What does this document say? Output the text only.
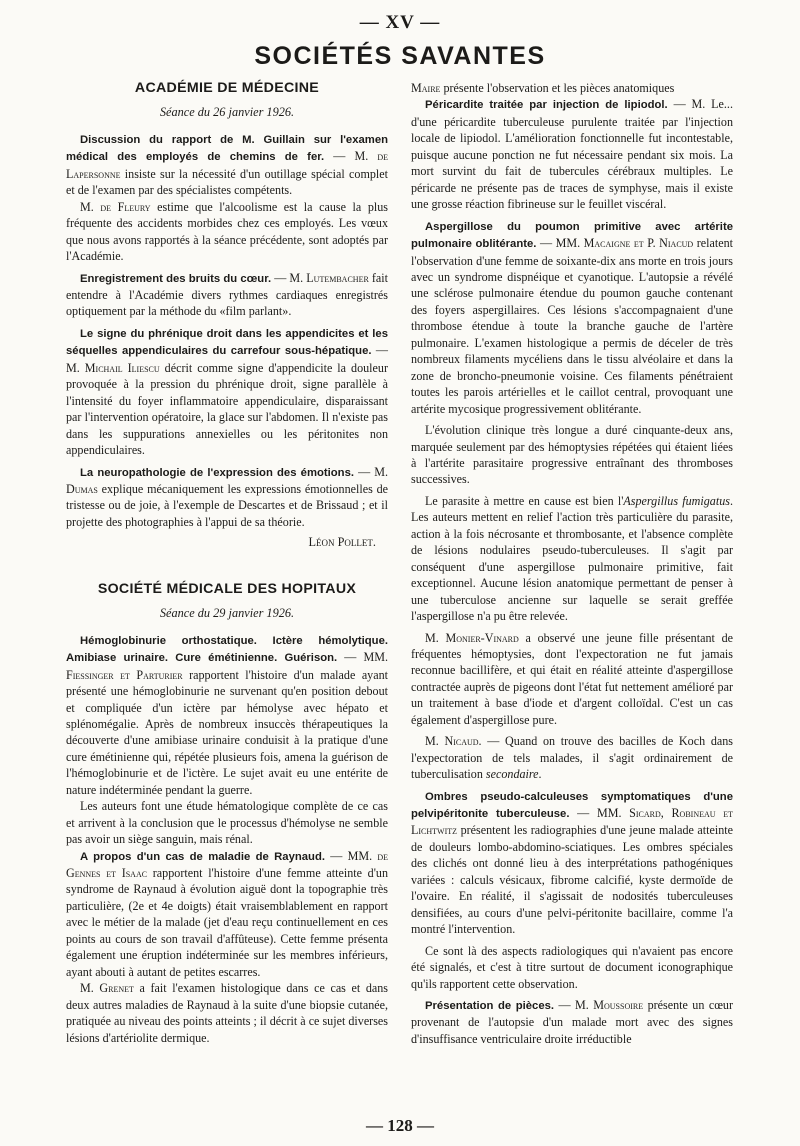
— XV —
SOCIÉTÉS SAVANTES
ACADÉMIE DE MÉDECINE
Séance du 26 janvier 1926.

Discussion du rapport de M. Guillain sur l'examen médical des employés de chemins de fer. — M. de Lapersonne insiste sur la nécessité d'un outillage spécial complet et de l'examen par des spécialistes compétents.

M. de Fleury estime que l'alcoolisme est la cause la plus fréquente des accidents morbides chez ces employés. Les vœux que nous avons rapportés à la séance précédente, sont adoptés par l'Académie.

Enregistrement des bruits du cœur. — M. Lutembacher fait entendre à l'Académie divers rythmes cardiaques enregistrés optiquement par la méthode du «film parlant».

Le signe du phrénique droit dans les appendicites et les séquelles appendiculaires du carrefour sous-hépatique. — M. Michail Iliescu décrit comme signe d'appendicite la douleur provoquée à la pression du phrénique droit, signe parallèle à l'intensité du foyer inflammatoire appendiculaire, disparaissant par l'intervention opératoire, la glace sur l'abdomen. Il n'existe pas dans les suppurations annexielles ou les péritonites non appendiculaires.

La neuropathologie de l'expression des émotions. — M. Dumas explique mécaniquement les expressions émotionnelles de tristesse ou de joie, à l'exemple de Descartes et de Brissaud ; et il projette des photographies à l'appui de sa théorie.

Léon Pollet.
SOCIÉTÉ MÉDICALE DES HOPITAUX
Séance du 29 janvier 1926.

Hémoglobinurie orthostatique. Ictère hémolytique. Amibiase urinaire. Cure émétinienne. Guérison. — MM. Fiessinger et Parturier rapportent l'histoire d'un malade ayant présenté une hémoglobinurie ne survenant qu'en position debout et compliquée d'un ictère par hémolyse avec hépato et splénomégalie. Après de nombreux insuccès thérapeutiques la découverte d'une amibiase urinaire conduisit à la pratique d'une cure émétinienne qui, répétée plusieurs fois, amena la guérison de l'hémoglobinurie et de l'ictère. Le sujet avait eu une entérite de nature indéterminée pendant la guerre.

Les auteurs font une étude hématologique complète de ce cas et arrivent à la conclusion que le processus d'hémolyse ne semble pas avoir un siège sanguin, mais rénal.

A propos d'un cas de maladie de Raynaud. — MM. de Gennes et Isaac rapportent l'histoire d'une femme atteinte d'un syndrome de Raynaud à évolution aiguë dont la topographie très particulière, (2e et 4e doigts) était vraisemblablement en rapport avec le métier de la malade (jet d'eau reçu continuellement en ces points au cours de son travail d'affûteuse). Cette femme présenta également une éruption indéterminée sur les membres inférieurs, ayant abouti à autant de petites escarres.

M. Grenet a fait l'examen histologique dans ce cas et dans deux autres maladies de Raynaud à la suite d'une biopsie cutanée, pratiquée au niveau des points atteints ; il décrit à ce sujet diverses lésions d'artériolite dermique.

Maire présente l'observation et les pièces anatomiques

Péricardite traitée par injection de lipiodol. — M. Le... d'une péricardite tuberculeuse purulente traitée par l'injection locale de lipiodol. L'amélioration fonctionnelle fut incontestable, puisque aucune ponction ne fut nécessaire pendant six mois. La mort survint du fait de tubercules cérébraux multiples. Le péricarde ne présente pas de traces de symphyse, mais il existe une grosse réaction fibrineuse sur le feuillet viscéral.

Aspergillose du poumon primitive avec artérite pulmonaire oblitérante. — MM. Macaigne et P. Niacud relatent l'observation d'une femme de soixante-dix ans morte en trois jours avec un syndrome dispnéique et cyanotique. L'autopsie a révélé une sclérose pulmonaire étendue du poumon gauche contenant des foyers aspergillaires. Ces lésions s'accompagnaient d'une thrombose étendue à toute la branche gauche de l'artère pulmonaire. L'examen histologique a permis de déceler de très nombreux filaments mycéliens dans le tissu alvéolaire et dans la zone de broncho-pneumonie voisine. Ces filaments pénétraient toutes les parois artérielles et le caillot central, provoquant une artérite mycosique progressivement oblitérante.

L'évolution clinique très longue a duré cinquante-deux ans, marquée seulement par des hémoptysies répétées qui étaient liées à l'artérite parasitaire progressive entraînant des thromboses successives.

Le parasite à mettre en cause est bien l'Aspergillus fumigatus. Les auteurs mettent en relief l'action très particulière du parasite, action à la fois nécrosante et thrombosante, et l'absence complète de lésions nodulaires pseudo-tuberculeuses. Il s'agit par conséquent d'une aspergillose pulmonaire primitive, fait exceptionnel. Aucune lésion anatomique permettant de penser à une tuberculose ancienne sur laquelle se serait greffée l'aspergillose n'a pu être relevée.

M. Monier-Vinard a observé une jeune fille présentant de fréquentes hémoptysies, dont l'expectoration ne fut jamais reconnue bacillifère, et qui était en réalité atteinte d'aspergillose contractée auprès de pigeons dont l'état fut nettement amélioré par un traitement à base d'iode et d'argent colloïdal. C'est un cas également d'aspergillose pure.

M. Nicaud. — Quand on trouve des bacilles de Koch dans l'expectoration de tels malades, il s'agit ordinairement de tuberculisation secondaire.

Ombres pseudo-calculeuses symptomatiques d'une pelvipéritonite tuberculeuse. — MM. Sicard, Robineau et Lichtwitz présentent les radiographies d'une jeune malade atteinte de douleurs lombo-abdomino-sciatiques. Les ombres spéciales des clichés ont donné lieu à des interprétations pathogéniques variées : calculs vésicaux, fibrome calcifié, kyste dermoïde de l'ovaire. En réalité, il s'agissait de nodosités tuberculeuses densifiées, au cours d'une pelvi-péritonite bacillaire, comme l'a montré l'intervention.

Ce sont là des aspects radiologiques qui n'avaient pas encore été signalés, et c'est à titre surtout de document iconographique qu'ils rapportent cette observation.

Présentation de pièces. — M. Moussoire présente un cœur provenant de l'autopsie d'un malade mort avec des signes d'insuffisance ventriculaire droite irréductible

— 128 —
